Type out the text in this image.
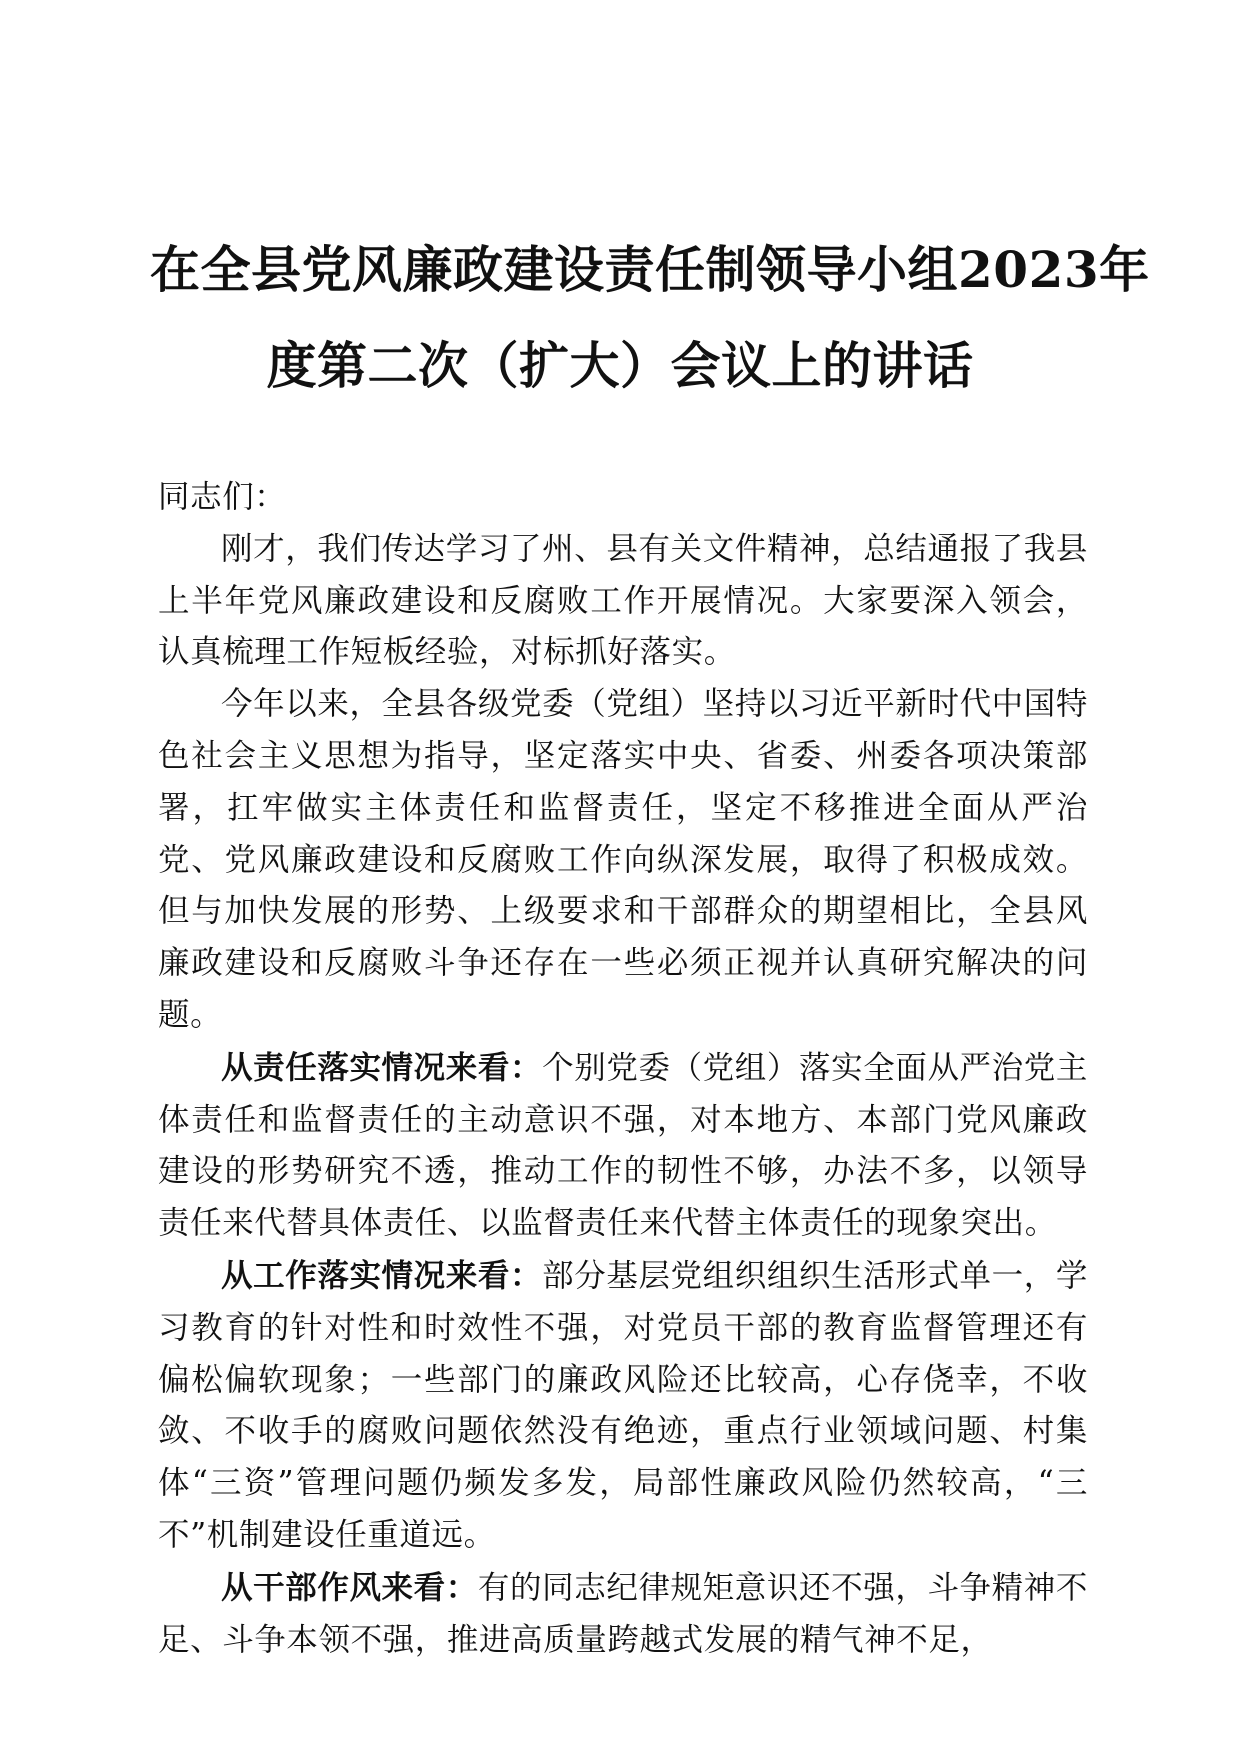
在全县党风廉政建设责任制领导小组2023年
度第二次（扩大）会议上的讲话

同志们：

刚才，我们传达学习了州、县有关文件精神，总结通报了我县上半年党风廉政建设和反腐败工作开展情况。大家要深入领会，认真梳理工作短板经验，对标抓好落实。

今年以来，全县各级党委（党组）坚持以习近平新时代中国特色社会主义思想为指导，坚定落实中央、省委、州委各项决策部署，扛牢做实主体责任和监督责任，坚定不移推进全面从严治党、党风廉政建设和反腐败工作向纵深发展，取得了积极成效。但与加快发展的形势、上级要求和干部群众的期望相比，全县风廉政建设和反腐败斗争还存在一些必须正视并认真研究解决的问题。

从责任落实情况来看：个别党委（党组）落实全面从严治党主体责任和监督责任的主动意识不强，对本地方、本部门党风廉政建设的形势研究不透，推动工作的韧性不够，办法不多，以领导责任来代替具体责任、以监督责任来代替主体责任的现象突出。

从工作落实情况来看：部分基层党组织组织生活形式单一，学习教育的针对性和时效性不强，对党员干部的教育监督管理还有偏松偏软现象；一些部门的廉政风险还比较高，心存侥幸，不收敛、不收手的腐败问题依然没有绝迹，重点行业领域问题、村集体“三资”管理问题仍频发多发，局部性廉政风险仍然较高，“三不”机制建设任重道远。

从干部作风来看：有的同志纪律规矩意识还不强，斗争精神不足、斗争本领不强，推进高质量跨越式发展的精气神不足，
